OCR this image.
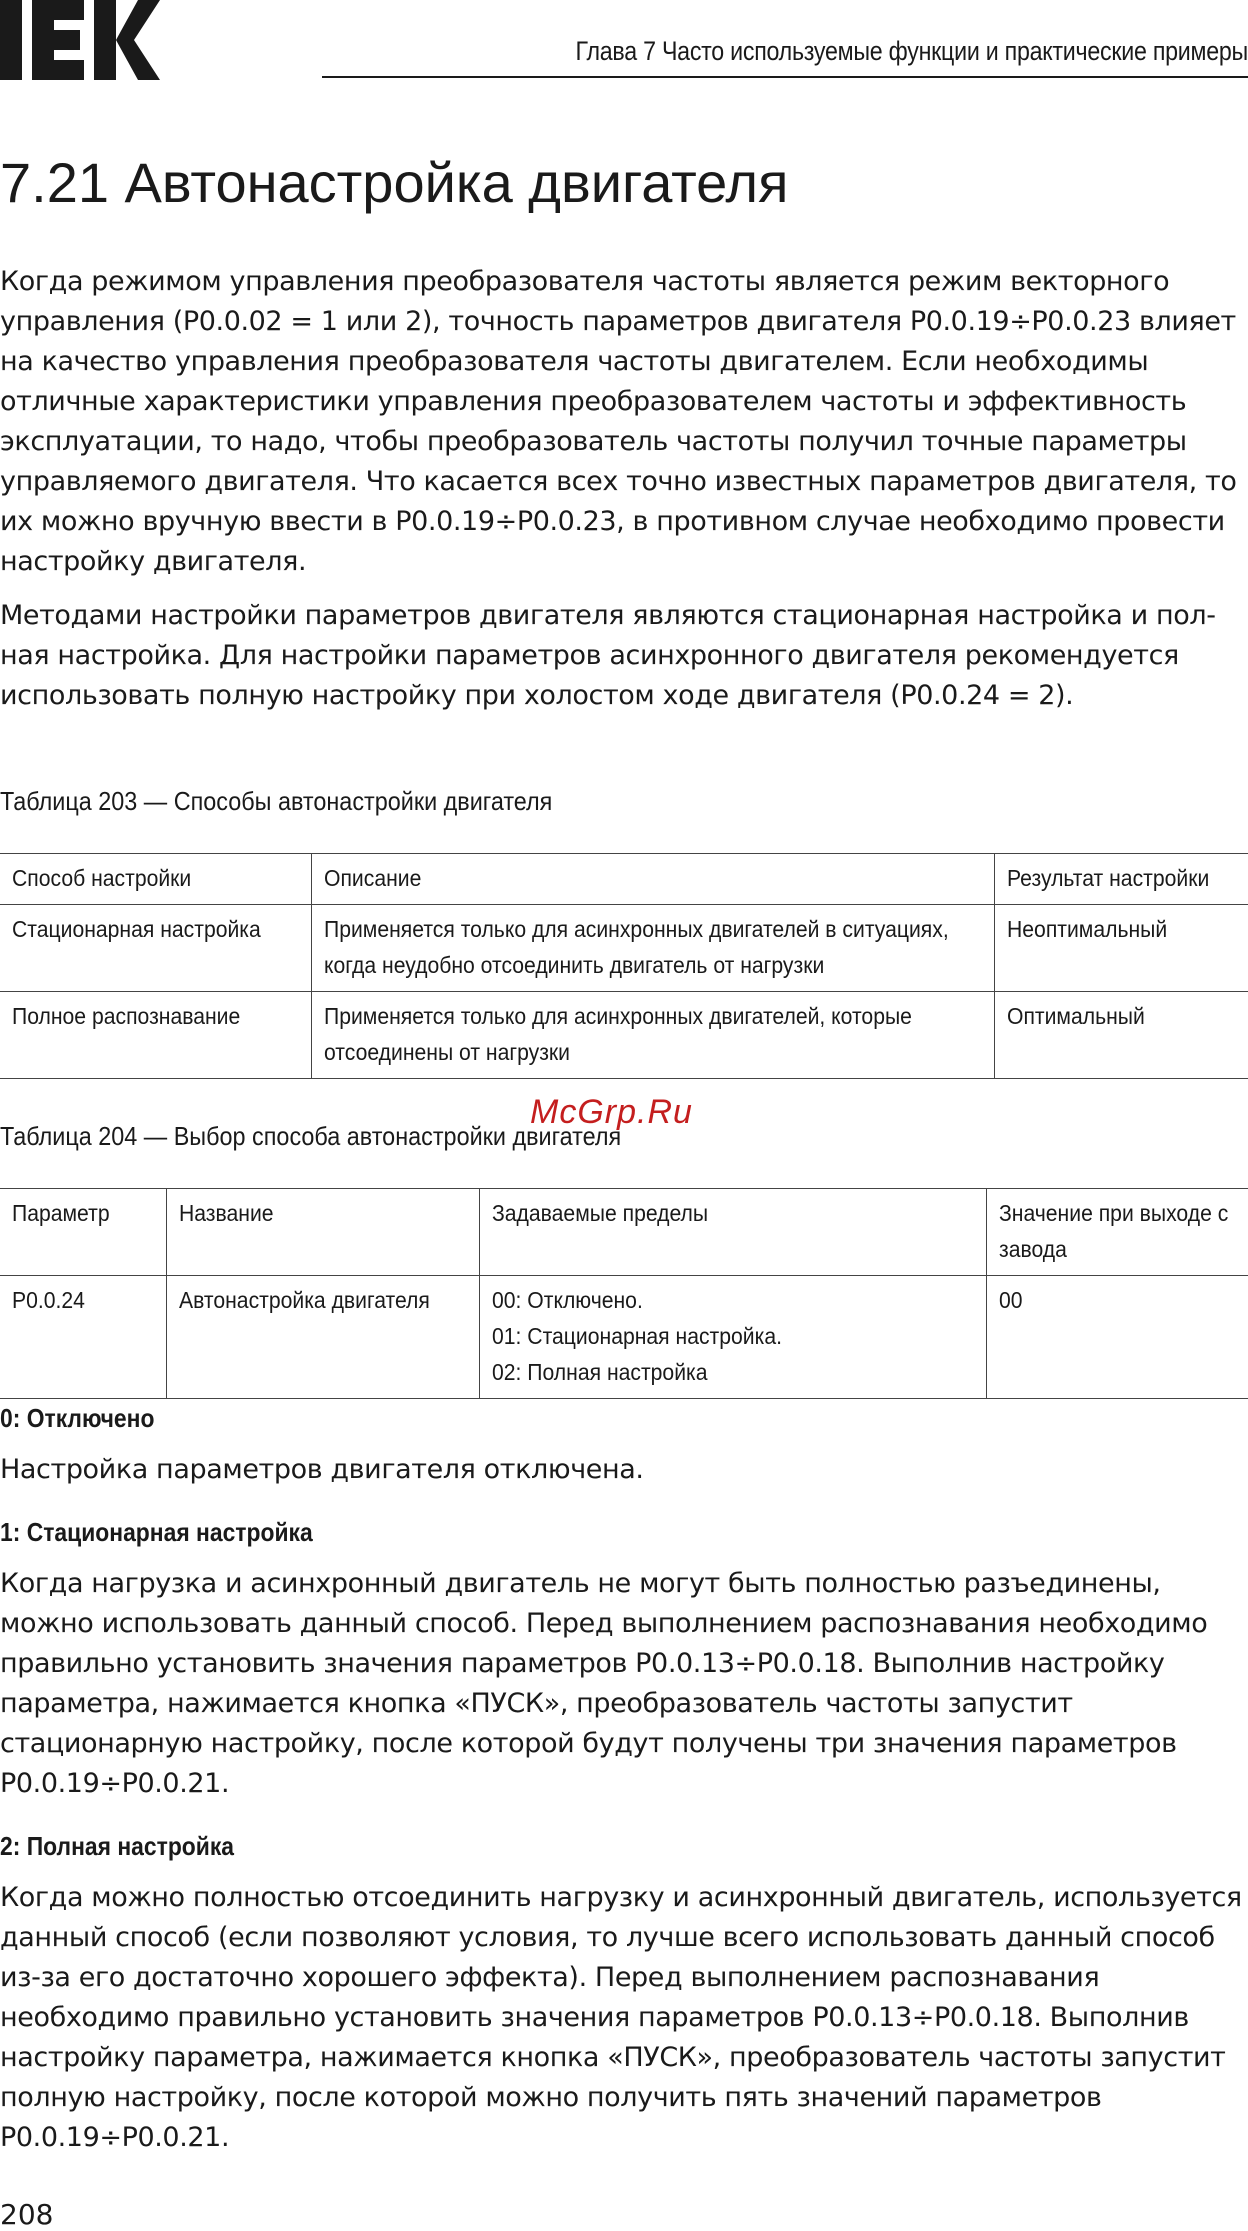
Глава 7 Часто используемые функции и практические примеры
7.21 Автонастройка двигателя

Когда режимом управления преобразователя частоты является режим векторного управления (P0.0.02 = 1 или 2), точность параметров двигателя P0.0.19÷P0.0.23 влияет на качество управления преобразователя частоты двигателем. Если необходимы отличные характеристики управления преобразователем частоты и эффективность эксплуатации, то надо, чтобы преобразователь частоты получил точные параметры управляемого двигателя. Что касается всех точно известных параметров двигателя, то их можно вручную ввести в P0.0.19÷P0.0.23, в противном случае необходимо провести настройку двигателя.

Методами настройки параметров двигателя являются стационарная настройка и полная настройка. Для настройки параметров асинхронного двигателя рекомендуется использовать полную настройку при холостом ходе двигателя (P0.0.24 = 2).

Таблица 203 — Способы автонастройки двигателя

Способ настройки	Описание	Результат настройки

Стационарная настройка	Применяется только для асинхронных двигателей в ситуациях, когда неудобно отсоединить двигатель от нагрузки	Неоптимальный

Полное распознавание	Применяется только для асинхронных двигателей, которые отсоединены от нагрузки	Оптимальный

Таблица 204 — Выбор способа автонастройки двигателя

McGrp.Ru
Параметр	Название	Задаваемые пределы	Значение при выходе с завода

P0.0.24	Автонастройка двигателя	00: Отключено.
01: Стационарная настройка.
02: Полная настройка	00
0: Отключено

Настройка параметров двигателя отключена.

1: Стационарная настройка

Когда нагрузка и асинхронный двигатель не могут быть полностью разъединены, можно использовать данный способ. Перед выполнением распознавания необходимо правильно установить значения параметров P0.0.13÷P0.0.18. Выполнив настройку параметра, нажимается кнопка «ПУСК», преобразователь частоты запустит стационарную настройку, после которой будут получены три значения параметров P0.0.19÷P0.0.21.

2: Полная настройка

Когда можно полностью отсоединить нагрузку и асинхронный двигатель, используется данный способ (если позволяют условия, то лучше всего использовать данный способ из-за его достаточно хорошего эффекта). Перед выполнением распознавания необходимо правильно установить значения параметров P0.0.13÷P0.0.18. Выполнив настройку параметра, нажимается кнопка «ПУСК», преобразователь частоты запустит полную настройку, после которой можно получить пять значений параметров P0.0.19÷P0.0.21.

208
